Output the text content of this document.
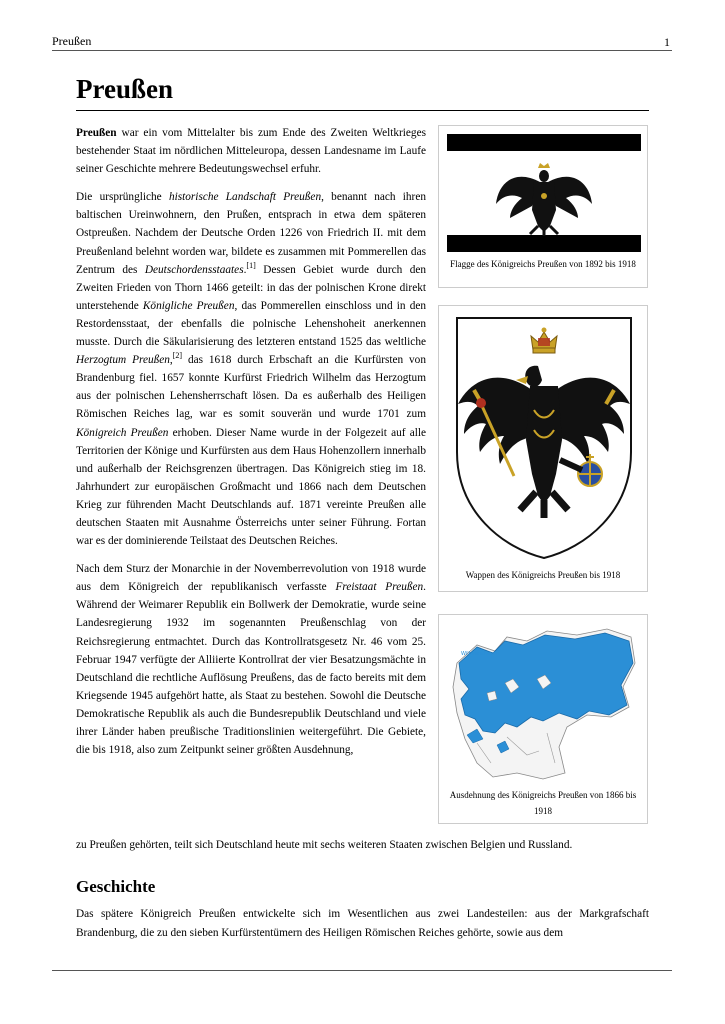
Preußen	1
Preußen

Preußen war ein vom Mittelalter bis zum Ende des Zweiten Weltkrieges bestehender Staat im nördlichen Mitteleuropa, dessen Landesname im Laufe seiner Geschichte mehrere Bedeutungswechsel erfuhr.

Die ursprüngliche historische Landschaft Preußen, benannt nach ihren baltischen Ureinwohnern, den Prußen, entsprach in etwa dem späteren Ostpreußen. Nachdem der Deutsche Orden 1226 von Friedrich II. mit dem Preußenland belehnt worden war, bildete es zusammen mit Pommerellen das Zentrum des Deutschordensstaates.[1] Dessen Gebiet wurde durch den Zweiten Frieden von Thorn 1466 geteilt: in das der polnischen Krone direkt unterstehende Königliche Preußen, das Pommerellen einschloss und in den Restordensstaat, der ebenfalls die polnische Lehenshoheit anerkennen musste. Durch die Säkularisierung des letzteren entstand 1525 das weltliche Herzogtum Preußen,[2] das 1618 durch Erbschaft an die Kurfürsten von Brandenburg fiel. 1657 konnte Kurfürst Friedrich Wilhelm das Herzogtum aus der polnischen Lehensherrschaft lösen. Da es außerhalb des Heiligen Römischen Reiches lag, war es somit souverän und wurde 1701 zum Königreich Preußen erhoben. Dieser Name wurde in der Folgezeit auf alle Territorien der Könige und Kurfürsten aus dem Haus Hohenzollern innerhalb und außerhalb der Reichsgrenzen übertragen. Das Königreich stieg im 18. Jahrhundert zur europäischen Großmacht und 1866 nach dem Deutschen Krieg zur führenden Macht Deutschlands auf. 1871 vereinte Preußen alle deutschen Staaten mit Ausnahme Österreichs unter seiner Führung. Fortan war es der dominierende Teilstaat des Deutschen Reiches.

Nach dem Sturz der Monarchie in der Novemberrevolution von 1918 wurde aus dem Königreich der republikanisch verfasste Freistaat Preußen. Während der Weimarer Republik ein Bollwerk der Demokratie, wurde seine Landesregierung 1932 im sogenannten Preußenschlag von der Reichsregierung entmachtet. Durch das Kontrollratsgesetz Nr. 46 vom 25. Februar 1947 verfügte der Alliierte Kontrollrat der vier Besatzungsmächte in Deutschland die rechtliche Auflösung Preußens, das de facto bereits mit dem Kriegsende 1945 aufgehört hatte, als Staat zu bestehen. Sowohl die Deutsche Demokratische Republik als auch die Bundesrepublik Deutschland und viele ihrer Länder haben preußische Traditionslinien weitergeführt. Die Gebiete, die bis 1918, also zum Zeitpunkt seiner größten Ausdehnung,

zu Preußen gehörten, teilt sich Deutschland heute mit sechs weiteren Staaten zwischen Belgien und Russland.

Geschichte

Das spätere Königreich Preußen entwickelte sich im Wesentlichen aus zwei Landesteilen: aus der Markgrafschaft Brandenburg, die zu den sieben Kurfürstentümern des Heiligen Römischen Reiches gehörte, sowie aus dem

Flagge des Königreichs Preußen von 1892 bis 1918
Wappen des Königreichs Preußen bis 1918
Wilhelmshaven
Ausdehnung des Königreichs Preußen von 1866 bis 1918
